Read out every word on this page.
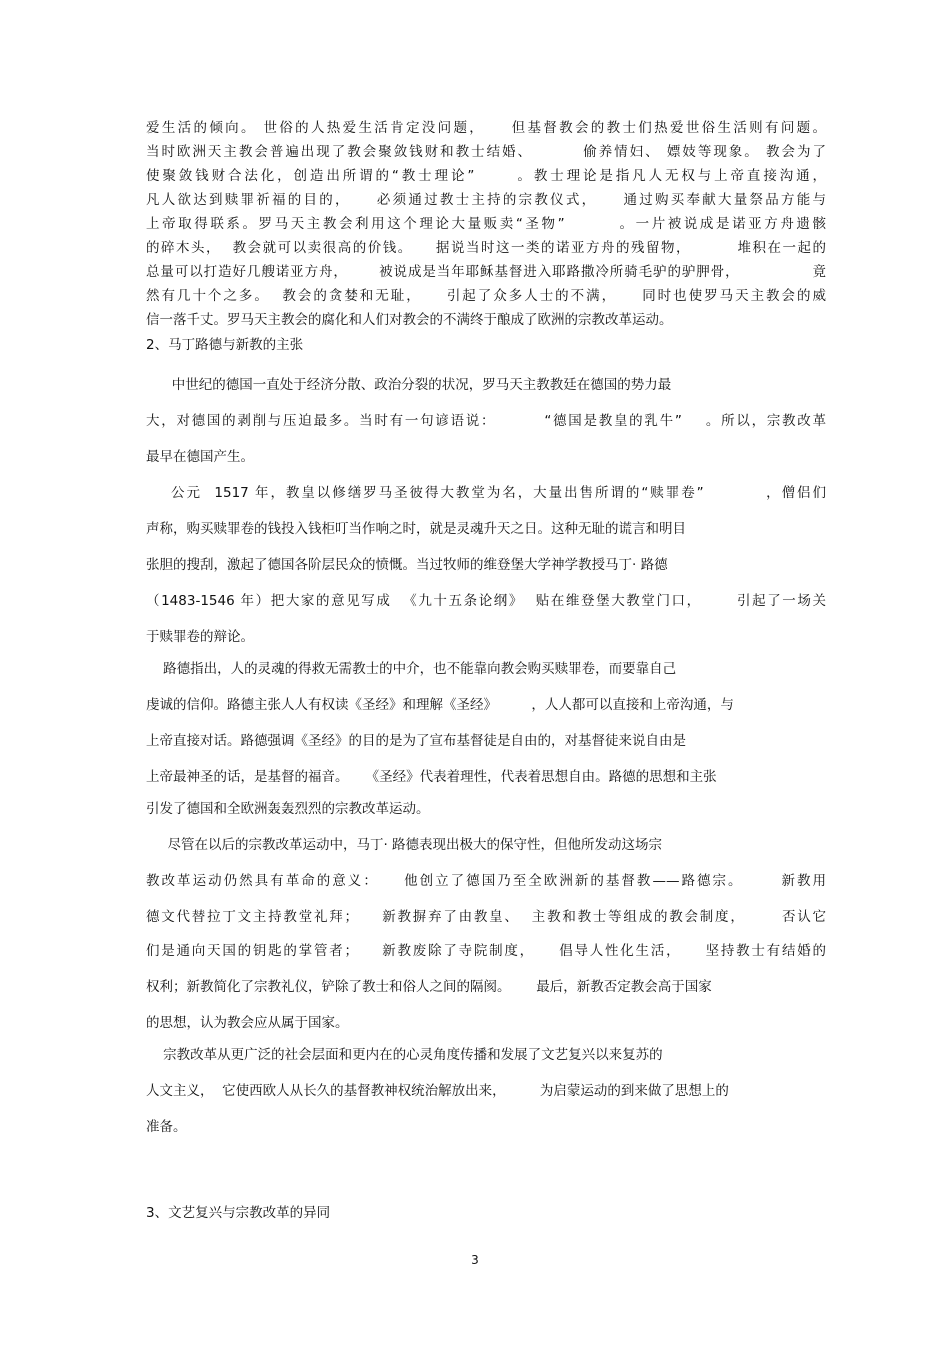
爱生活的倾向。 世俗的人热爱生活肯定没问题，    但基督教会的教士们热爱世俗生活则有问题。

当时欧洲天主教会普遍出现了教会聚敛钱财和教士结婚、        偷养情妇、 嫖妓等现象。 教会为了

使聚敛钱财合法化，创造出所谓的“教士理论”      。教士理论是指凡人无权与上帝直接沟通，

凡人欲达到赎罪祈福的目的，    必须通过教士主持的宗教仪式，    通过购买奉献大量祭品方能与

上帝取得联系。罗马天主教会利用这个理论大量贩卖“圣物”        。一片被说成是诺亚方舟遗骸

的碎木头，  教会就可以卖很高的价钱。    据说当时这一类的诺亚方舟的残留物，        堆积在一起的

总量可以打造好几艘诺亚方舟，      被说成是当年耶稣基督进入耶路撒冷所骑毛驴的驴胛骨，              竟

然有几十个之多。  教会的贪婪和无耻，    引起了众多人士的不满，    同时也使罗马天主教会的威

信一落千丈。罗马天主教会的腐化和人们对教会的不满终于酿成了欧洲的宗教改革运动。

2、马丁路德与新教的主张

中世纪的德国一直处于经济分散、政治分裂的状况，罗马天主教教廷在德国的势力最

大，对德国的剥削与压迫最多。当时有一句谚语说：        “德国是教皇的乳牛”    。所以，宗教改革

最早在德国产生。

公元  1517 年，教皇以修缮罗马圣彼得大教堂为名，大量出售所谓的“赎罪卷”          ，僧侣们

声称，购买赎罪卷的钱投入钱柜叮当作响之时，就是灵魂升天之日。这种无耻的谎言和明目

张胆的搜刮，激起了德国各阶层民众的愤慨。当过牧师的维登堡大学神学教授马丁· 路德

（1483-1546 年）把大家的意见写成  《九十五条论纲》  贴在维登堡大教堂门口，      引起了一场关

于赎罪卷的辩论。

路德指出，人的灵魂的得救无需教士的中介，也不能靠向教会购买赎罪卷，而要靠自己

虔诚的信仰。路德主张人人有权读《圣经》和理解《圣经》        ，人人都可以直接和上帝沟通，与

上帝直接对话。路德强调《圣经》的目的是为了宣布基督徒是自由的，对基督徒来说自由是

上帝最神圣的话，是基督的福音。    《圣经》代表着理性，代表着思想自由。路德的思想和主张

引发了德国和全欧洲轰轰烈烈的宗教改革运动。

尽管在以后的宗教改革运动中，马丁· 路德表现出极大的保守性，但他所发动这场宗

教改革运动仍然具有革命的意义：    他创立了德国乃至全欧洲新的基督教——路德宗。      新教用

德文代替拉丁文主持教堂礼拜；    新教摒弃了由教皇、  主教和教士等组成的教会制度，      否认它

们是通向天国的钥匙的掌管者；    新教废除了寺院制度，    倡导人性化生活，    坚持教士有结婚的

权利；新教简化了宗教礼仪，铲除了教士和俗人之间的隔阂。      最后，新教否定教会高于国家

的思想，认为教会应从属于国家。

宗教改革从更广泛的社会层面和更内在的心灵角度传播和发展了文艺复兴以来复苏的

人文主义，  它使西欧人从长久的基督教神权统治解放出来，        为启蒙运动的到来做了思想上的

准备。

3、文艺复兴与宗教改革的异同

3
